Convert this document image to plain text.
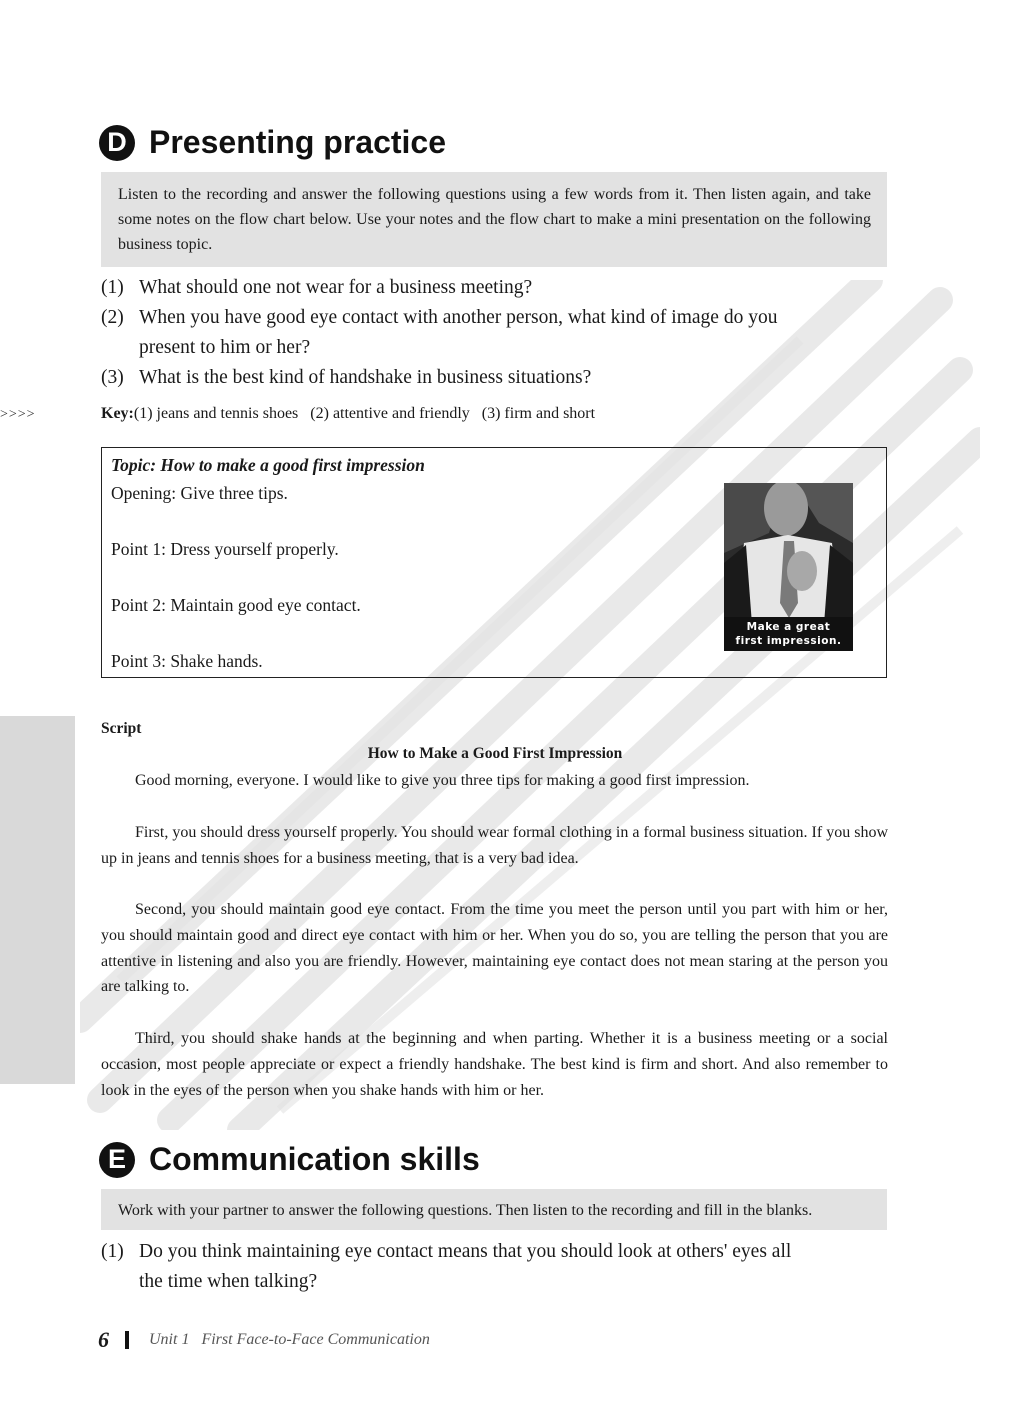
>>>>
D Presenting practice
Listen to the recording and answer the following questions using a few words from it. Then listen again, and take some notes on the flow chart below. Use your notes and the flow chart to make a mini presentation on the following business topic.
(1) What should one not wear for a business meeting?
(2) When you have good eye contact with another person, what kind of image do you
present to him or her?
(3) What is the best kind of handshake in business situations?
Key:(1) jeans and tennis shoes   (2) attentive and friendly   (3) firm and short
Topic: How to make a good first impression
Opening: Give three tips.
Point 1: Dress yourself properly.
Point 2: Maintain good eye contact.
Point 3: Shake hands.
Make a great
first impression.
Script
How to Make a Good First Impression
Good morning, everyone. I would like to give you three tips for making a good first impression.
First, you should dress yourself properly. You should wear formal clothing in a formal business situation. If you show up in jeans and tennis shoes for a business meeting, that is a very bad idea.
Second, you should maintain good eye contact. From the time you meet the person until you part with him or her, you should maintain good and direct eye contact with him or her. When you do so, you are telling the person that you are attentive in listening and also you are friendly. However, maintaining eye contact does not mean staring at the person you are talking to.
Third, you should shake hands at the beginning and when parting. Whether it is a business meeting or a social occasion, most people appreciate or expect a friendly handshake. The best kind is firm and short. And also remember to look in the eyes of the person when you shake hands with him or her.
E Communication skills
Work with your partner to answer the following questions. Then listen to the recording and fill in the blanks.
(1) Do you think maintaining eye contact means that you should look at others' eyes all
the time when talking?
6	Unit 1   First Face-to-Face Communication
